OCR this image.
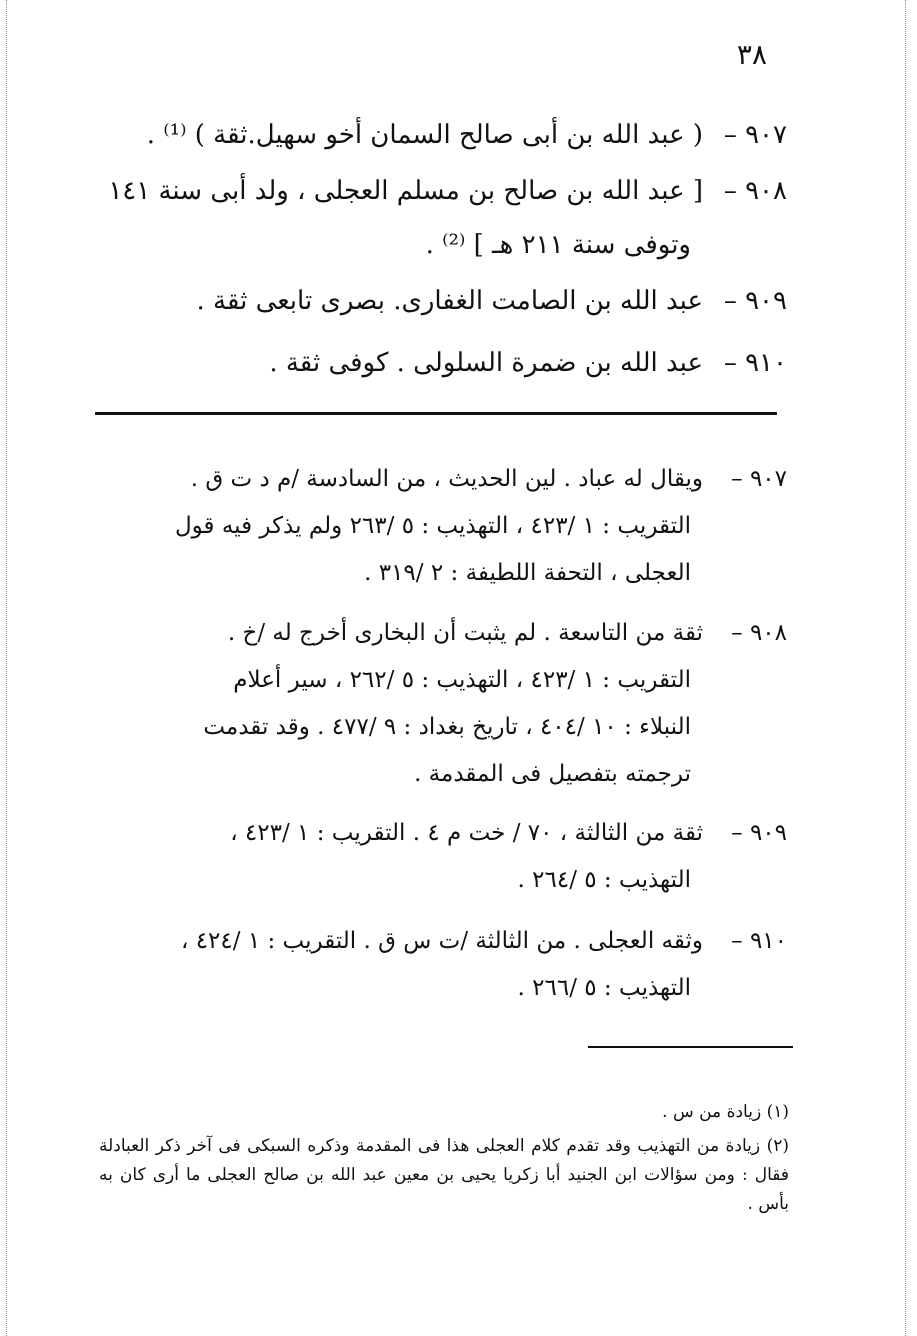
٣٨
٩٠٧ –( عبد الله بن أبى صالح السمان أخو سهيل.ثقة ) ⁽¹⁾ .
٩٠٨ –[ عبد الله بن صالح بن مسلم العجلى ، ولد أبى سنة ١٤١
وتوفى سنة ٢١١ هـ ] ⁽²⁾ .
٩٠٩ –عبد الله بن الصامت الغفارى. بصرى تابعى ثقة .
٩١٠ –عبد الله بن ضمرة السلولى . كوفى ثقة .
٩٠٧ –ويقال له عباد . لين الحديث ، من السادسة /م د ت ق .
التقريب : ١ /٤٢٣ ، التهذيب : ٥ /٢٦٣ ولم يذكر فيه قول
العجلى ، التحفة اللطيفة : ٢ /٣١٩ .
٩٠٨ –ثقة من التاسعة . لم يثبت أن البخارى أخرج له /خ .
التقريب : ١ /٤٢٣ ، التهذيب : ٥ /٢٦٢ ، سير أعلام
النبلاء : ١٠ /٤٠٤ ، تاريخ بغداد : ٩ /٤٧٧ . وقد تقدمت
ترجمته بتفصيل فى المقدمة .
٩٠٩ –ثقة من الثالثة ، ٧٠ / خت م ٤ . التقريب : ١ /٤٢٣ ،
التهذيب : ٥ /٢٦٤ .
٩١٠ –وثقه العجلى . من الثالثة /ت س ق . التقريب : ١ /٤٢٤ ،
التهذيب : ٥ /٢٦٦ .
(١) زيادة من س .
(٢) زيادة من التهذيب وقد تقدم كلام العجلى هذا فى المقدمة وذكره السبكى فى آخر ذكر العبادلة فقال : ومن سؤالات ابن الجنيد أبا زكريا يحيى بن معين عبد الله بن صالح العجلى ما أرى كان به بأس .
